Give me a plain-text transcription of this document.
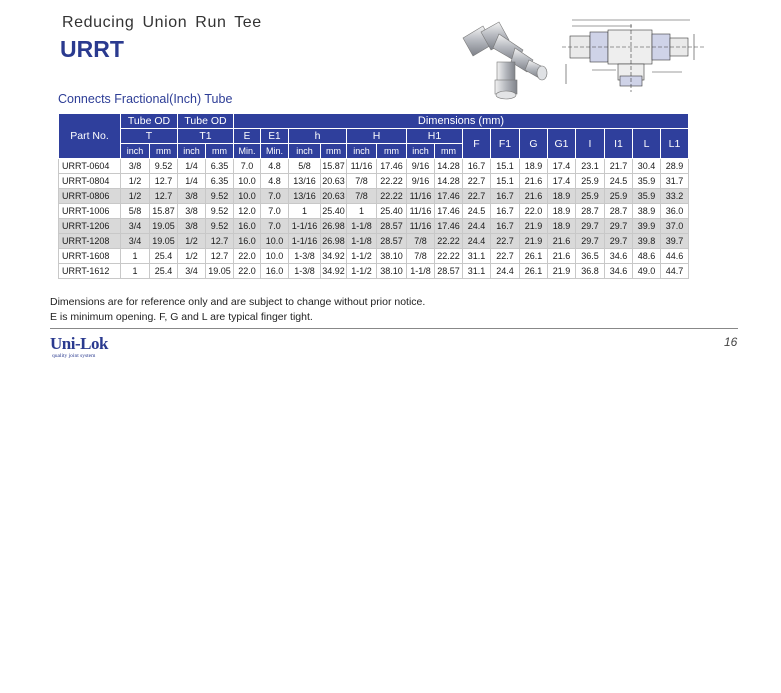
Reducing Union Run Tee
URRT
Connects Fractional(Inch) Tube
Part No.	Tube OD		Tube OD		Dimensions (mm)															
	T		T1		E	E1	h		H		H1		F	F1	G	G1	I	I1	L	L1
	inch	mm	inch	mm	Min.	Min.	inch	mm	inch	mm	inch	mm								
URRT-0604	3/8	9.52	1/4	6.35	7.0	4.8	5/8	15.87	11/16	17.46	9/16	14.28	16.7	15.1	18.9	17.4	23.1	21.7	30.4	28.9
URRT-0804	1/2	12.7	1/4	6.35	10.0	4.8	13/16	20.63	7/8	22.22	9/16	14.28	22.7	15.1	21.6	17.4	25.9	24.5	35.9	31.7
URRT-0806	1/2	12.7	3/8	9.52	10.0	7.0	13/16	20.63	7/8	22.22	11/16	17.46	22.7	16.7	21.6	18.9	25.9	25.9	35.9	33.2
URRT-1006	5/8	15.87	3/8	9.52	12.0	7.0	1	25.40	1	25.40	11/16	17.46	24.5	16.7	22.0	18.9	28.7	28.7	38.9	36.0
URRT-1206	3/4	19.05	3/8	9.52	16.0	7.0	1-1/16	26.98	1-1/8	28.57	11/16	17.46	24.4	16.7	21.9	18.9	29.7	29.7	39.9	37.0
URRT-1208	3/4	19.05	1/2	12.7	16.0	10.0	1-1/16	26.98	1-1/8	28.57	7/8	22.22	24.4	22.7	21.9	21.6	29.7	29.7	39.8	39.7
URRT-1608	1	25.4	1/2	12.7	22.0	10.0	1-3/8	34.92	1-1/2	38.10	7/8	22.22	31.1	22.7	26.1	21.6	36.5	34.6	48.6	44.6
URRT-1612	1	25.4	3/4	19.05	22.0	16.0	1-3/8	34.92	1-1/2	38.10	1-1/8	28.57	31.1	24.4	26.1	21.9	36.8	34.6	49.0	44.7
Dimensions are for reference only and are subject to change without prior notice.
E is minimum opening. F, G and L are typical finger tight.
Uni-Lok
quality joint system
16
